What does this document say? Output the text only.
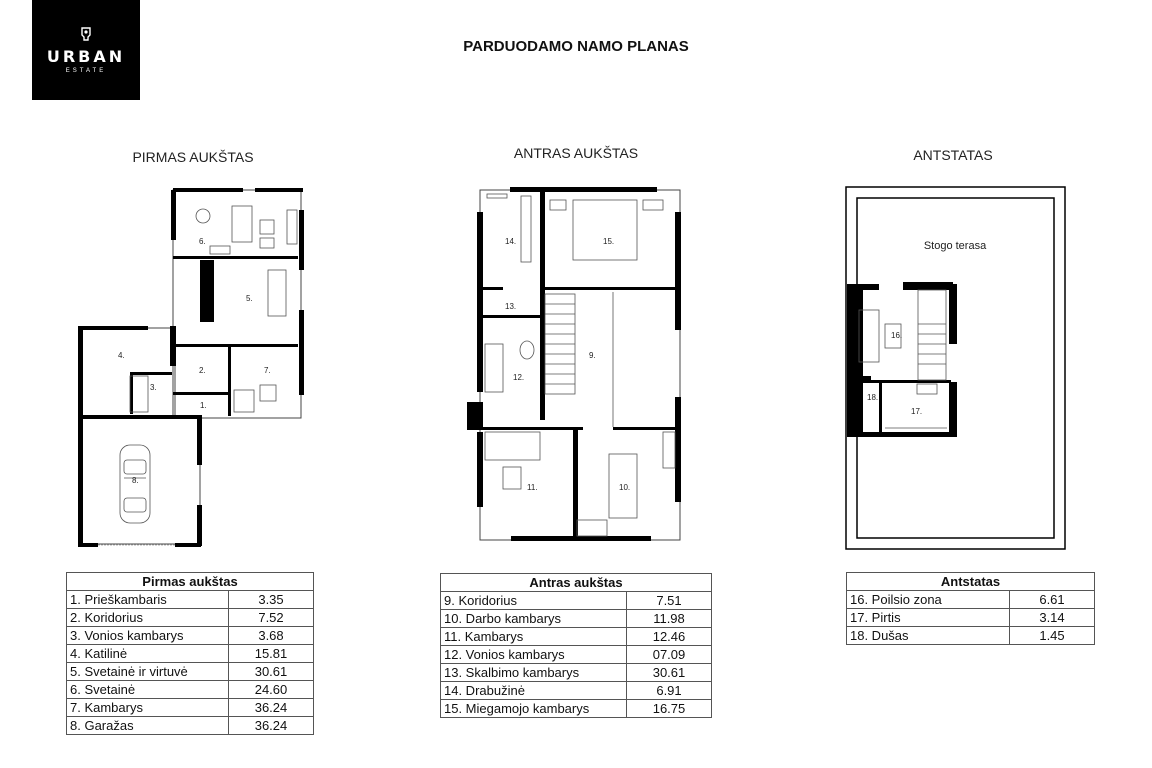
URBAN
ESTATE
PARDUODAMO NAMO PLANAS
PIRMAS AUKŠTAS	ANTRAS AUKŠTAS	ANTSTATAS
6.
5.
4.
2.	7.
3.
1.
8.
14.	15.
13.
9.
12.
11.	10.
Stogo terasa
16.
18.
17.
Pirmas aukštas	
1. Prieškambaris	3.35
2. Koridorius	7.52
3. Vonios kambarys	3.68
4. Katilinė	15.81
5. Svetainė ir virtuvė	30.61
6. Svetainė	24.60
7. Kambarys	36.24
8. Garažas	36.24
Antras aukštas	
9. Koridorius	7.51
10. Darbo kambarys	11.98
11. Kambarys	12.46
12. Vonios kambarys	07.09
13. Skalbimo kambarys	30.61
14. Drabužinė	6.91
15. Miegamojo kambarys	16.75
Antstatas	
16. Poilsio zona	6.61
17. Pirtis	3.14
18. Dušas	1.45
